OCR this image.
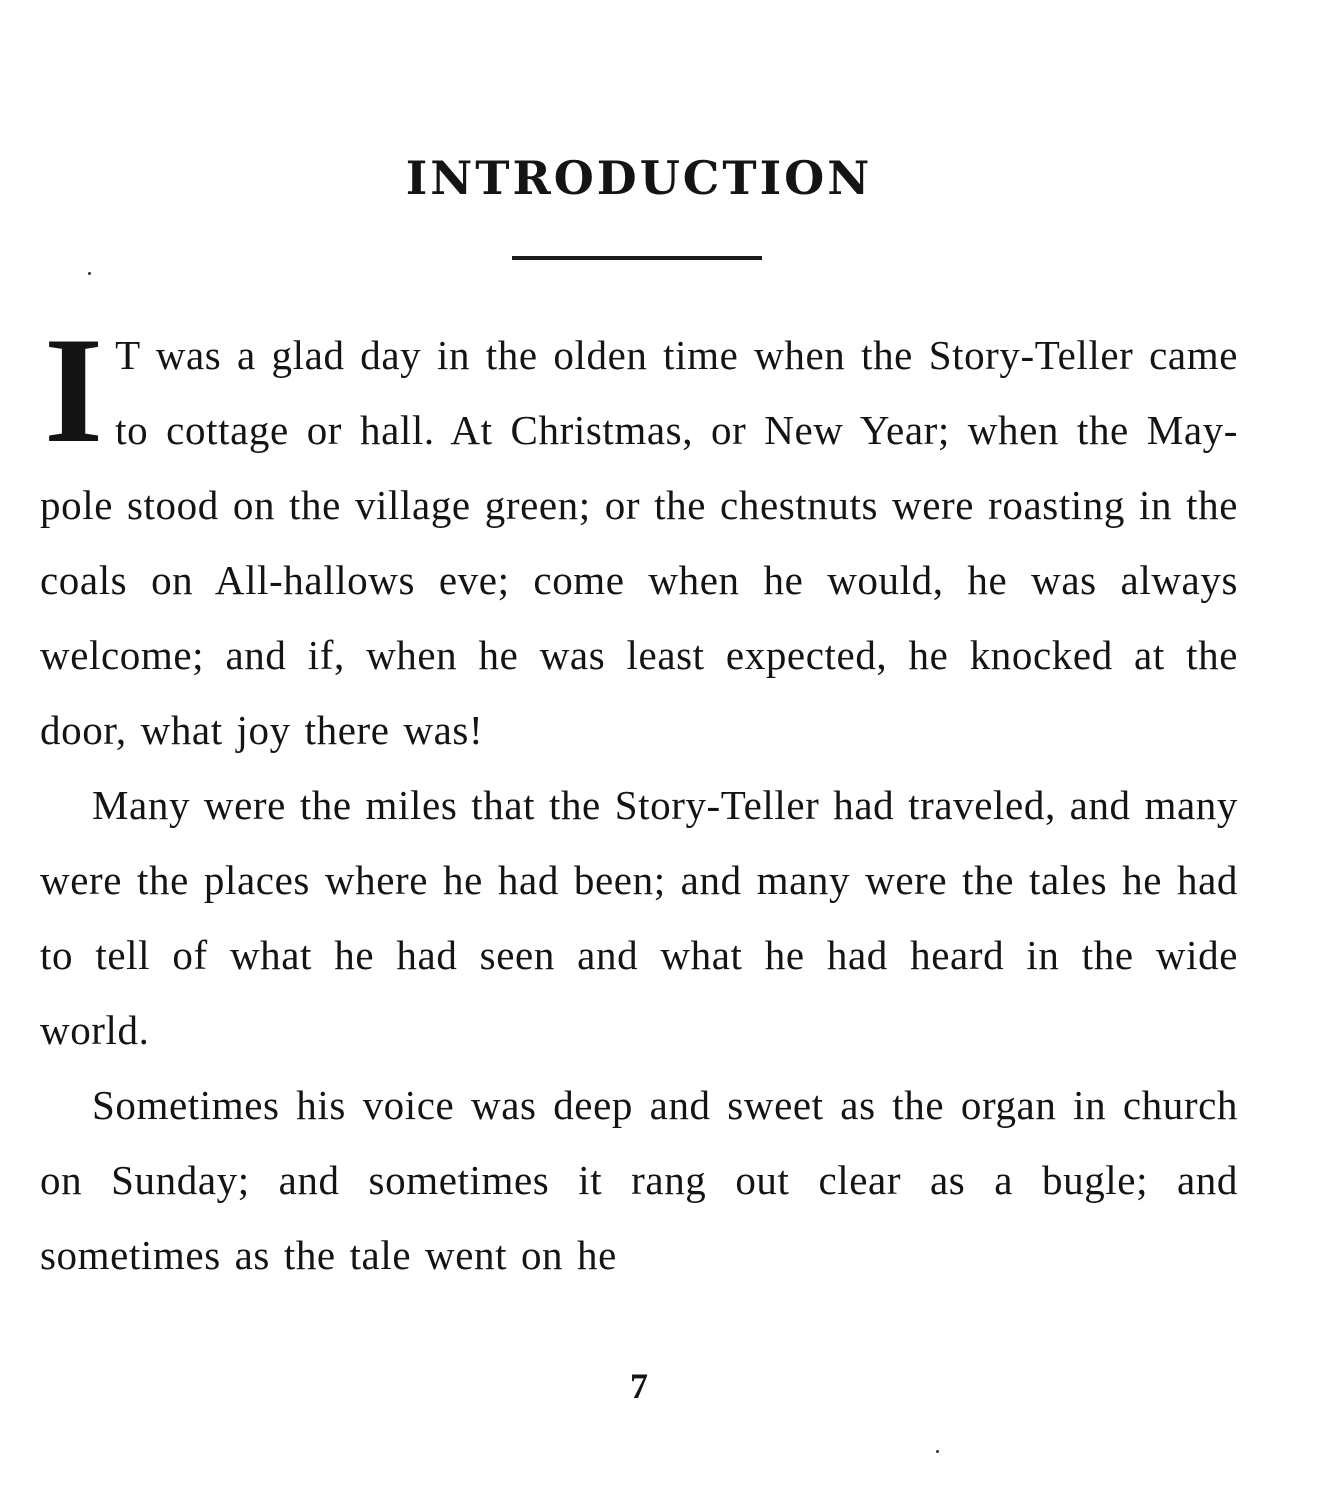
INTRODUCTION

I T was a glad day in the olden time when the Story-Teller came to cottage or hall. At Christmas, or New Year; when the May-pole stood on the village green; or the chestnuts were roasting in the coals on All-hallows eve; come when he would, he was always welcome; and if, when he was least expected, he knocked at the door, what joy there was!

Many were the miles that the Story-Teller had traveled, and many were the places where he had been; and many were the tales he had to tell of what he had seen and what he had heard in the wide world.

Sometimes his voice was deep and sweet as the organ in church on Sunday; and sometimes it rang out clear as a bugle; and sometimes as the tale went on he

7
